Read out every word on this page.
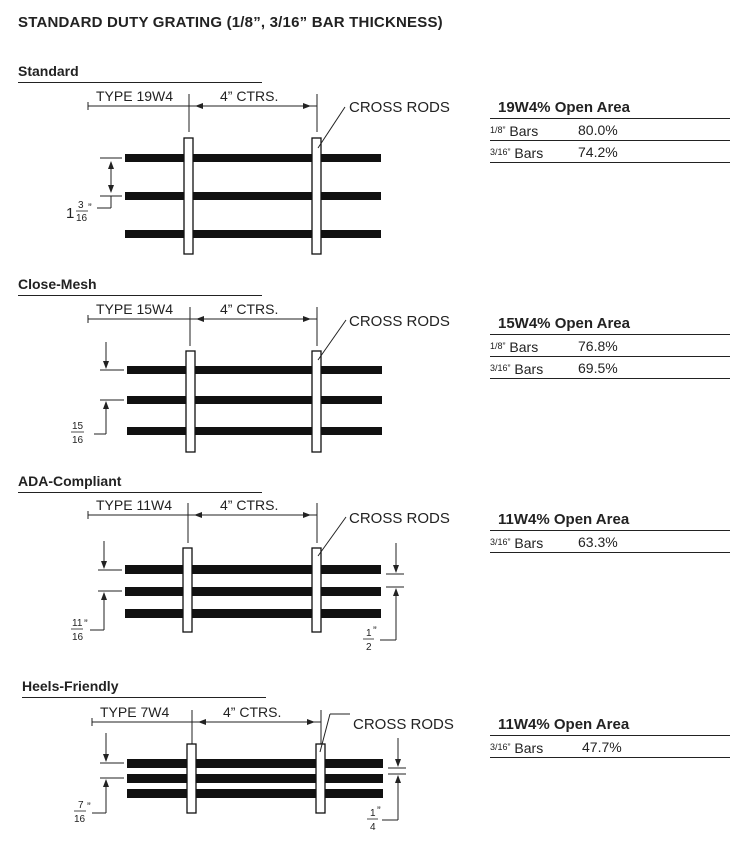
STANDARD DUTY GRATING (1/8”, 3/16” BAR THICKNESS)
Standard
TYPE 19W4	4” CTRS.
CROSS RODS
1 3
16
”
19W4% Open Area
$^{1/8”}$ Bars	80.0%
$^{3/16”}$ Bars 74.2%
Close-Mesh
TYPE 15W4	4” CTRS.
CROSS RODS
15
16
15W4% Open Area
$^{1/8”}$ Bars	76.8%
$^{3/16”}$ Bars 69.5%
ADA-Compliant
TYPE 11W4	4” CTRS.
CROSS RODS
11
16
”
1
2
”
11W4% Open Area
$^{3/16”}$ Bars 63.3%
Heels-Friendly
TYPE 7W4	4” CTRS.
CROSS RODS
7
16
”
1
4
”
11W4% Open Area
$^{3/16”}$ Bars	47.7%
